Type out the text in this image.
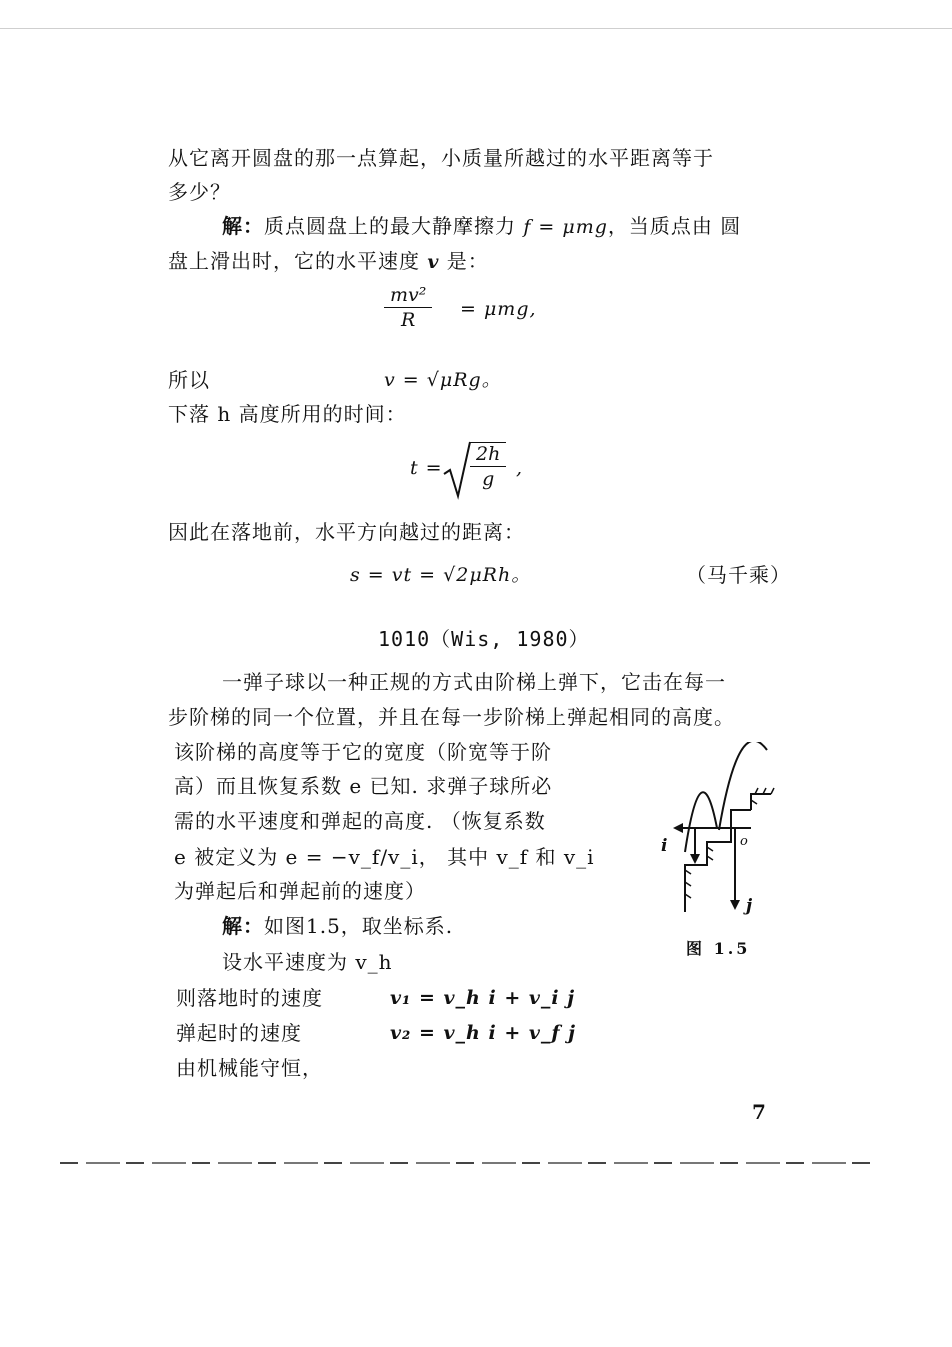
从它离开圆盘的那一点算起，小质量所越过的水平距离等于
多少？
解：质点圆盘上的最大静摩擦力 f = μmg，当质点由 圆
盘上滑出时，它的水平速度 v 是：
mv²
R	= μmg,
所以	v = √μRg。
下落 h 高度所用的时间：
t =
2h
g	,
因此在落地前，水平方向越过的距离：
s = vt = √2μRh。	（马千乘）
1010（Wis, 1980）
一弹子球以一种正规的方式由阶梯上弹下，它击在每一
步阶梯的同一个位置，并且在每一步阶梯上弹起相同的高度。
该阶梯的高度等于它的宽度（阶宽等于阶
高）而且恢复系数 e 已知. 求弹子球所必
需的水平速度和弹起的高度. （恢复系数
e 被定义为 e = −v_f/v_i， 其中 v_f 和 v_i
为弹起后和弹起前的速度）
解：如图1.5，取坐标系.
设水平速度为 v_h
则落地时的速度	v₁ = v_h i + v_i j
弹起时的速度	v₂ = v_h i + v_f j
由机械能守恒，
i	o
j
图 1.5
7
